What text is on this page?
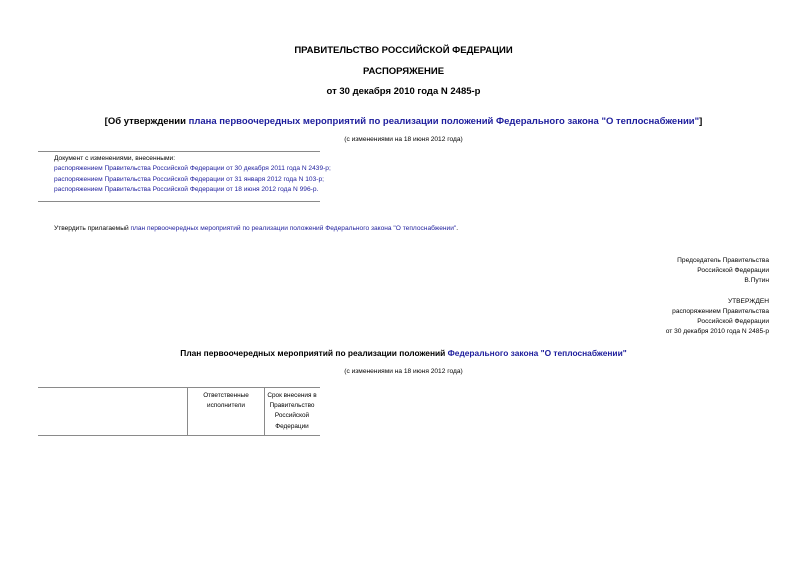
ПРАВИТЕЛЬСТВО РОССИЙСКОЙ ФЕДЕРАЦИИ
РАСПОРЯЖЕНИЕ
от 30 декабря 2010 года N 2485-р
[Об утверждении плана первоочередных мероприятий по реализации положений Федерального закона "О теплоснабжении"]
(с изменениями на 18 июня 2012 года)
Документ с изменениями, внесенными:
распоряжением Правительства Российской Федерации от 30 декабря 2011 года N 2439-р;
распоряжением Правительства Российской Федерации от 31 января 2012 года N 103-р;
распоряжением Правительства Российской Федерации от 18 июня 2012 года N 996-р.
Утвердить прилагаемый план первоочередных мероприятий по реализации положений Федерального закона "О теплоснабжении".
Председатель Правительства
Российской Федерации
В.Путин
УТВЕРЖДЕН
распоряжением Правительства
Российской Федерации
от 30 декабря 2010 года N 2485-р
План первоочередных мероприятий по реализации положений Федерального закона "О теплоснабжении"
(с изменениями на 18 июня 2012 года)
Ответственные исполнители
Срок внесения в Правительство Российской Федерации
